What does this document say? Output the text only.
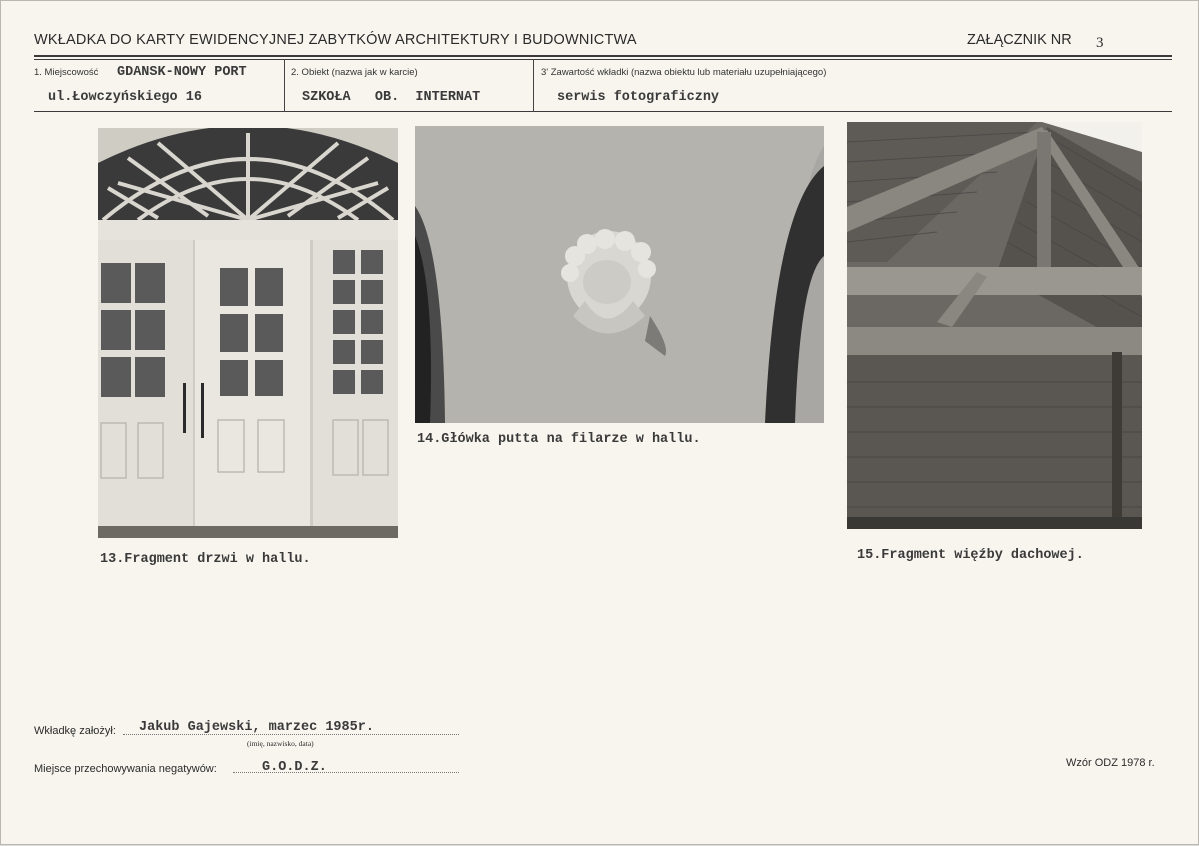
WKŁADKA DO KARTY EWIDENCYJNEJ ZABYTKÓW ARCHITEKTURY I BUDOWNICTWA	ZAŁĄCZNIK NR 3
1. Miejscowość GDANSK-NOWY PORT
ul.Łowczyńskiego 16
2. Obiekt (nazwa jak w karcie)
SZKOŁA   OB.  INTERNAT
3' Zawartość wkładki (nazwa obiektu lub materiału uzupełniającego)
serwis fotograficzny
13.Fragment drzwi w hallu.
14.Główka putta na filarze w hallu.
15.Fragment więźby dachowej.
Wkładkę założył: Jakub Gajewski, marzec 1985r.
(imię, nazwisko, data)
Miejsce przechowywania negatywów:	G.O.D.Z.	Wzór ODZ 1978 r.
